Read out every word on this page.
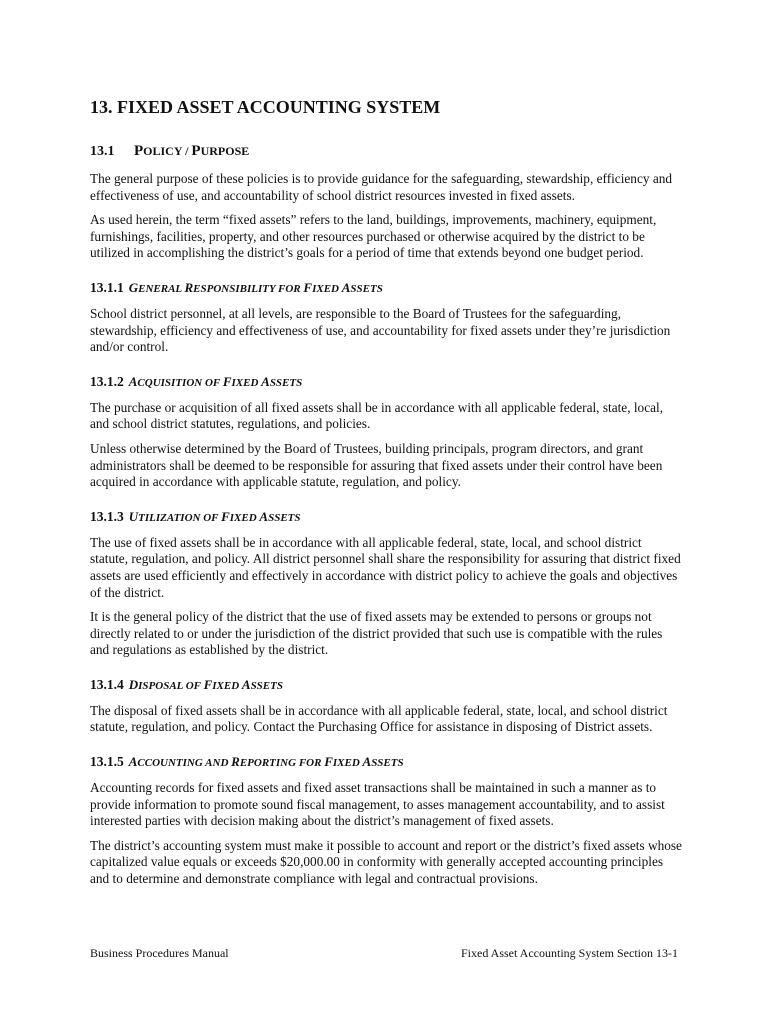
13. FIXED ASSET ACCOUNTING SYSTEM
13.1 POLICY / PURPOSE

The general purpose of these policies is to provide guidance for the safeguarding, stewardship, efficiency and effectiveness of use, and accountability of school district resources invested in fixed assets.

As used herein, the term “fixed assets” refers to the land, buildings, improvements, machinery, equipment, furnishings, facilities, property, and other resources purchased or otherwise acquired by the district to be utilized in accomplishing the district’s goals for a period of time that extends beyond one budget period.

13.1.1 GENERAL RESPONSIBILITY FOR FIXED ASSETS

School district personnel, at all levels, are responsible to the Board of Trustees for the safeguarding, stewardship, efficiency and effectiveness of use, and accountability for fixed assets under they’re jurisdiction and/or control.

13.1.2 ACQUISITION OF FIXED ASSETS

The purchase or acquisition of all fixed assets shall be in accordance with all applicable federal, state, local, and school district statutes, regulations, and policies.

Unless otherwise determined by the Board of Trustees, building principals, program directors, and grant administrators shall be deemed to be responsible for assuring that fixed assets under their control have been acquired in accordance with applicable statute, regulation, and policy.

13.1.3 UTILIZATION OF FIXED ASSETS

The use of fixed assets shall be in accordance with all applicable federal, state, local, and school district statute, regulation, and policy. All district personnel shall share the responsibility for assuring that district fixed assets are used efficiently and effectively in accordance with district policy to achieve the goals and objectives of the district.

It is the general policy of the district that the use of fixed assets may be extended to persons or groups not directly related to or under the jurisdiction of the district provided that such use is compatible with the rules and regulations as established by the district.

13.1.4 DISPOSAL OF FIXED ASSETS

The disposal of fixed assets shall be in accordance with all applicable federal, state, local, and school district statute, regulation, and policy. Contact the Purchasing Office for assistance in disposing of District assets.

13.1.5 ACCOUNTING AND REPORTING FOR FIXED ASSETS

Accounting records for fixed assets and fixed asset transactions shall be maintained in such a manner as to provide information to promote sound fiscal management, to asses management accountability, and to assist interested parties with decision making about the district’s management of fixed assets.

The district’s accounting system must make it possible to account and report or the district’s fixed assets whose capitalized value equals or exceeds $20,000.00 in conformity with generally accepted accounting principles and to determine and demonstrate compliance with legal and contractual provisions.

Business Procedures Manual	Fixed Asset Accounting System Section 13-1
